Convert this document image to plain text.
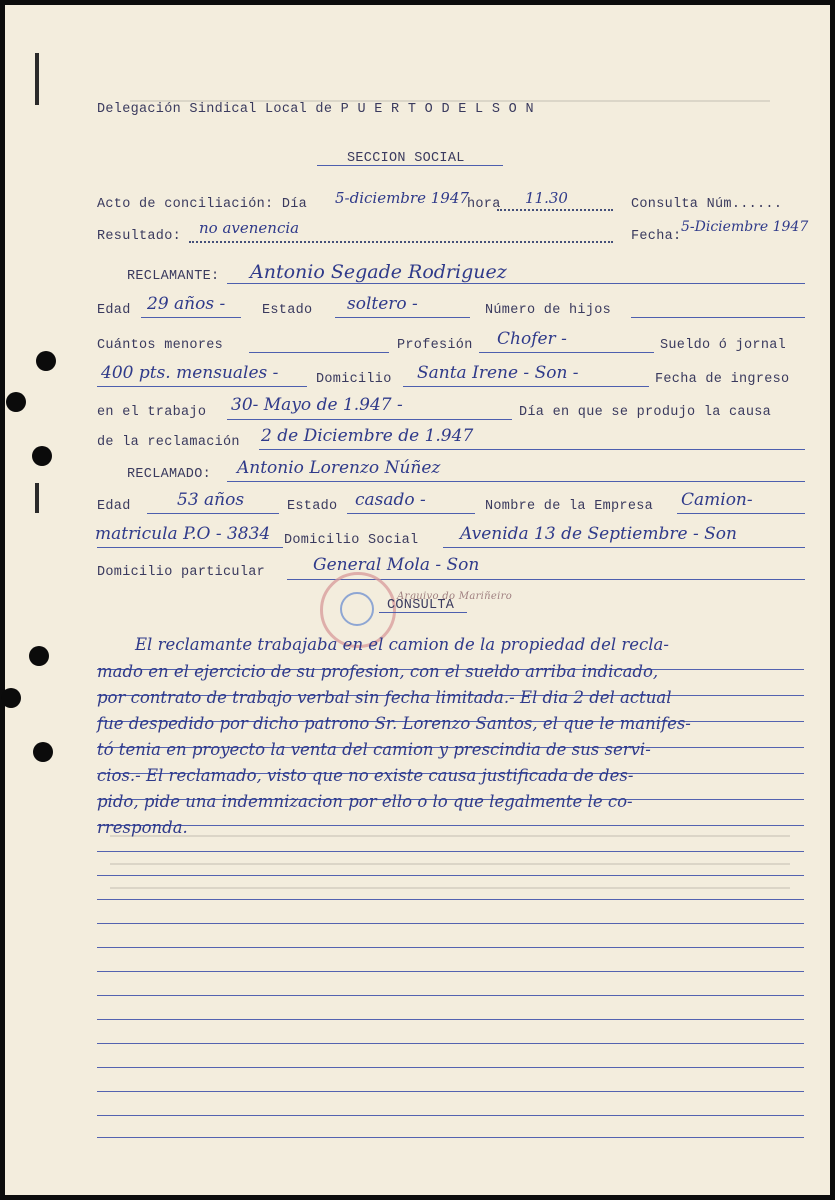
Delegación Sindical Local de P U E R T O D E L S O N
SECCION SOCIAL
Acto de conciliación: Día 5-diciembre 1947
hora 11.30	Consulta Núm......
Resultado: no avenencia	Fecha:
5-Diciembre 1947
RECLAMANTE: Antonio Segade Rodriguez
Edad 29 años -	Estado soltero -	Número de hijos
Cuántos menores	Profesión Chofer -	Sueldo ó jornal
400 pts. mensuales -	Domicilio Santa Irene - Son -	Fecha de ingreso
en el trabajo 30- Mayo de 1.947 -	Día en que se produjo la causa
de la reclamación 2 de Diciembre de 1.947
RECLAMADO: Antonio Lorenzo Núñez
Edad	53 años	Estado casado -	Nombre de la Empresa Camion-
matricula P.O - 3834 Domicilio Social Avenida 13 de Septiembre - Son
Domicilio particular	General Mola - Son
CONSULTA
Arquivo do Mariñeiro
El reclamante trabajaba en el camion de la propiedad del recla-
mado en el ejercicio de su profesion, con el sueldo arriba indicado,
por contrato de trabajo verbal sin fecha limitada.- El dia 2 del actual
fue despedido por dicho patrono Sr. Lorenzo Santos, el que le manifes-
tó tenia en proyecto la venta del camion y prescindia de sus servi-
cios.- El reclamado, visto que no existe causa justificada de des-
pido, pide una indemnizacion por ello o lo que legalmente le co-
rresponda.
